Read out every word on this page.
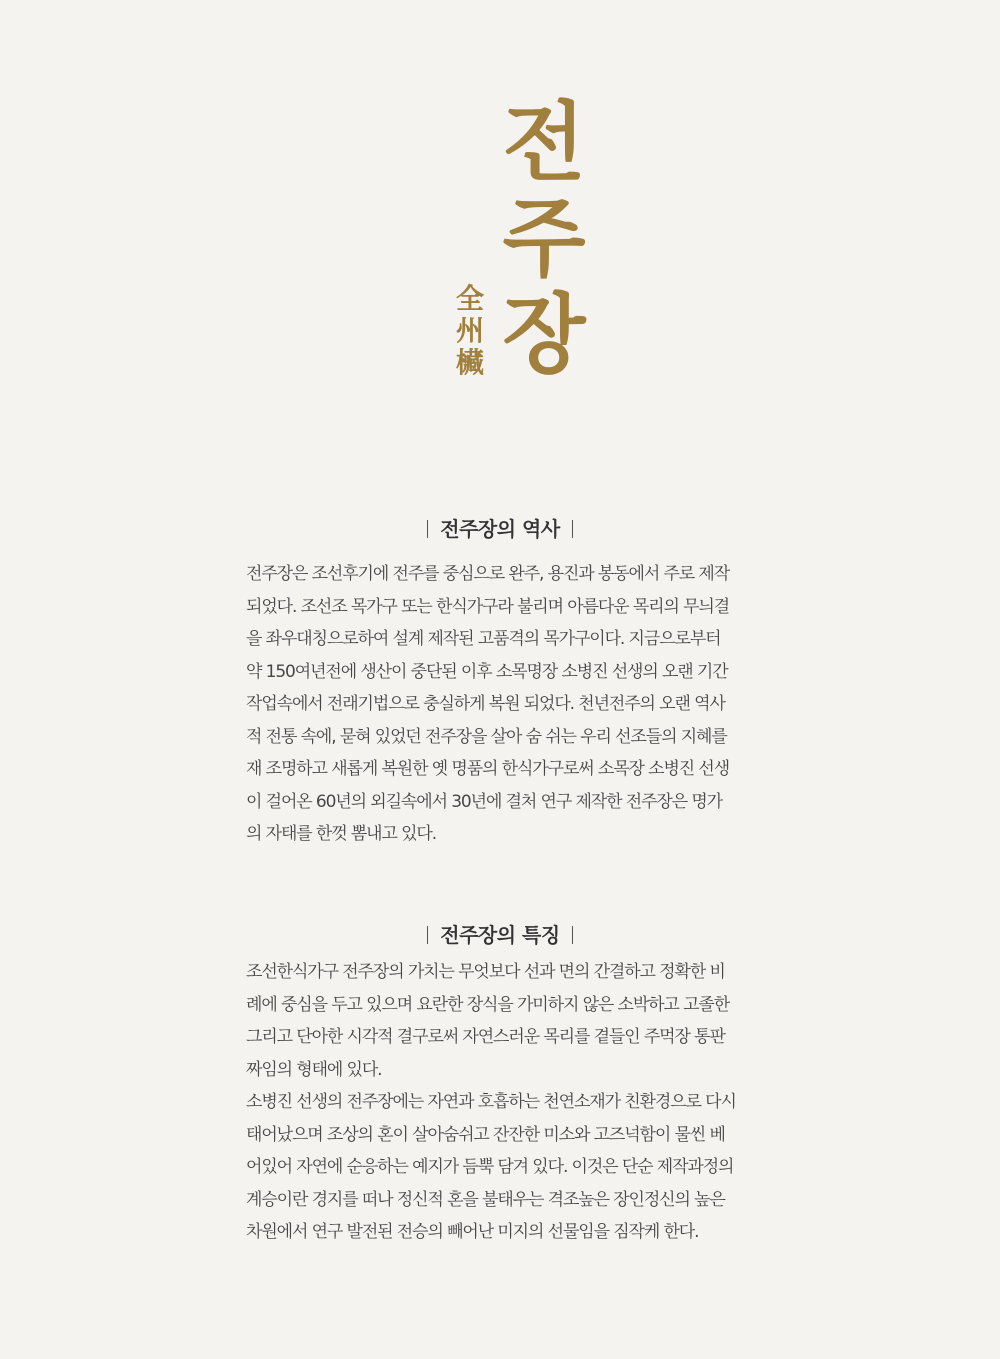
전
주
장
全
州
欌
전주장의 역사
전주장은 조선후기에 전주를 중심으로 완주, 용진과 봉동에서 주로 제작
되었다. 조선조 목가구 또는 한식가구라 불리며 아름다운 목리의 무늬결
을 좌우대칭으로하여 설계 제작된 고품격의 목가구이다. 지금으로부터
약 150여년전에 생산이 중단된 이후 소목명장 소병진 선생의 오랜 기간
작업속에서 전래기법으로 충실하게 복원 되었다. 천년전주의 오랜 역사
적 전통 속에, 묻혀 있었던 전주장을 살아 숨 쉬는 우리 선조들의 지혜를
재 조명하고 새롭게 복원한 옛 명품의 한식가구로써 소목장 소병진 선생
이 걸어온 60년의 외길속에서 30년에 결처 연구 제작한 전주장은 명가
의 자태를 한껏 뽐내고 있다.
전주장의 특징
조선한식가구 전주장의 가치는 무엇보다 선과 면의 간결하고 정확한 비
례에 중심을 두고 있으며 요란한 장식을 가미하지 않은 소박하고 고졸한
그리고 단아한 시각적 결구로써 자연스러운 목리를 곁들인 주먹장 통판
짜임의 형태에 있다.
소병진 선생의 전주장에는 자연과 호흡하는 천연소재가 친환경으로 다시
태어났으며 조상의 혼이 살아숨쉬고 잔잔한 미소와 고즈넉함이 물씬 베
어있어 자연에 순응하는 예지가 듬뿍 담겨 있다. 이것은 단순 제작과정의
계승이란 경지를 떠나 정신적 혼을 불태우는 격조높은 장인정신의 높은
차원에서 연구 발전된 전승의 빼어난 미지의 선물임을 짐작케 한다.
